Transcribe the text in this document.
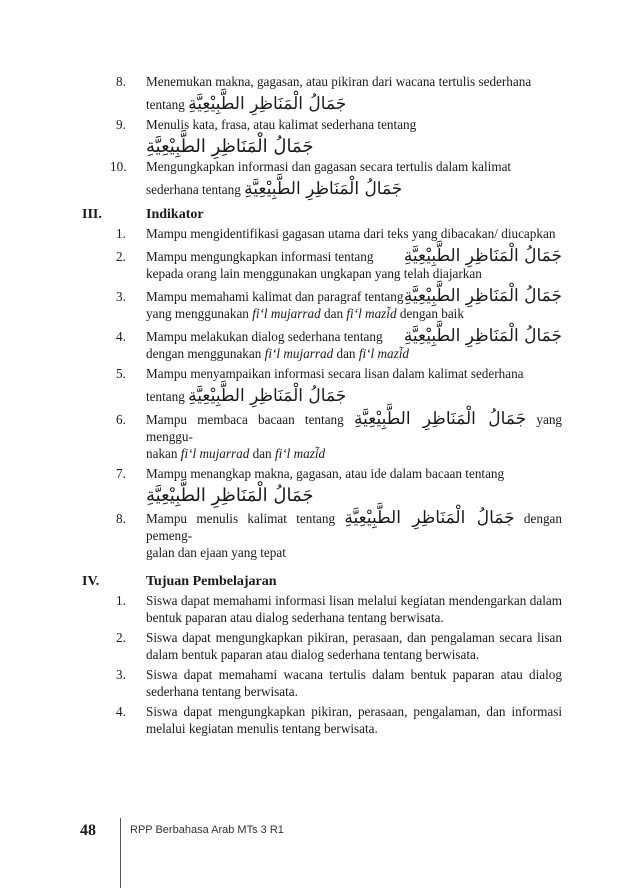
8. Menemukan makna, gagasan, atau pikiran dari wacana tertulis sederhana
tentang جَمَالُ الْمَنَاظِرِ الطَّبِيْعِيَّةِ
9. Menulis kata, frasa, atau kalimat sederhana tentang
جَمَالُ الْمَنَاظِرِ الطَّبِيْعِيَّةِ
10. Mengungkapkan informasi dan gagasan secara tertulis dalam kalimat
sederhana tentang جَمَالُ الْمَنَاظِرِ الطَّبِيْعِيَّةِ
III.	Indikator
1. Mampu mengidentifikasi gagasan utama dari teks yang dibacakan/ diucapkan
2. Mampu mengungkapkan informasi tentang جَمَالُ الْمَنَاظِرِ الطَّبِيْعِيَّةِ
kepada orang lain menggunakan ungkapan yang telah diajarkan
3. Mampu memahami kalimat dan paragraf tentang جَمَالُ الْمَنَاظِرِ الطَّبِيْعِيَّةِ
yang menggunakan fi‘l mujarrad dan fi‘l mazi͂d dengan baik
4. Mampu melakukan dialog sederhana tentang جَمَالُ الْمَنَاظِرِ الطَّبِيْعِيَّةِ
dengan menggunakan fi‘l mujarrad dan fi‘l mazi͂d
5. Mampu menyampaikan informasi secara lisan dalam kalimat sederhana
tentang جَمَالُ الْمَنَاظِرِ الطَّبِيْعِيَّةِ
6. Mampu membaca bacaan tentang جَمَالُ الْمَنَاظِرِ الطَّبِيْعِيَّةِ yang menggu-
nakan fi‘l mujarrad dan fi‘l mazi͂d
7. Mampu menangkap makna, gagasan, atau ide dalam bacaan tentang
جَمَالُ الْمَنَاظِرِ الطَّبِيْعِيَّةِ
8. Mampu menulis kalimat tentang جَمَالُ الْمَنَاظِرِ الطَّبِيْعِيَّةِ dengan pemeng-
galan dan ejaan yang tepat
IV.	Tujuan Pembelajaran
1. Siswa dapat memahami informasi lisan melalui kegiatan mendengarkan dalam bentuk paparan atau dialog sederhana tentang berwisata.
2. Siswa dapat mengungkapkan pikiran, perasaan, dan pengalaman secara lisan dalam bentuk paparan atau dialog sederhana tentang berwisata.
3. Siswa dapat memahami wacana tertulis dalam bentuk paparan atau dialog sederhana tentang berwisata.
4. Siswa dapat mengungkapkan pikiran, perasaan, pengalaman, dan informasi melalui kegiatan menulis tentang berwisata.
48	RPP Berbahasa Arab MTs 3 R1
